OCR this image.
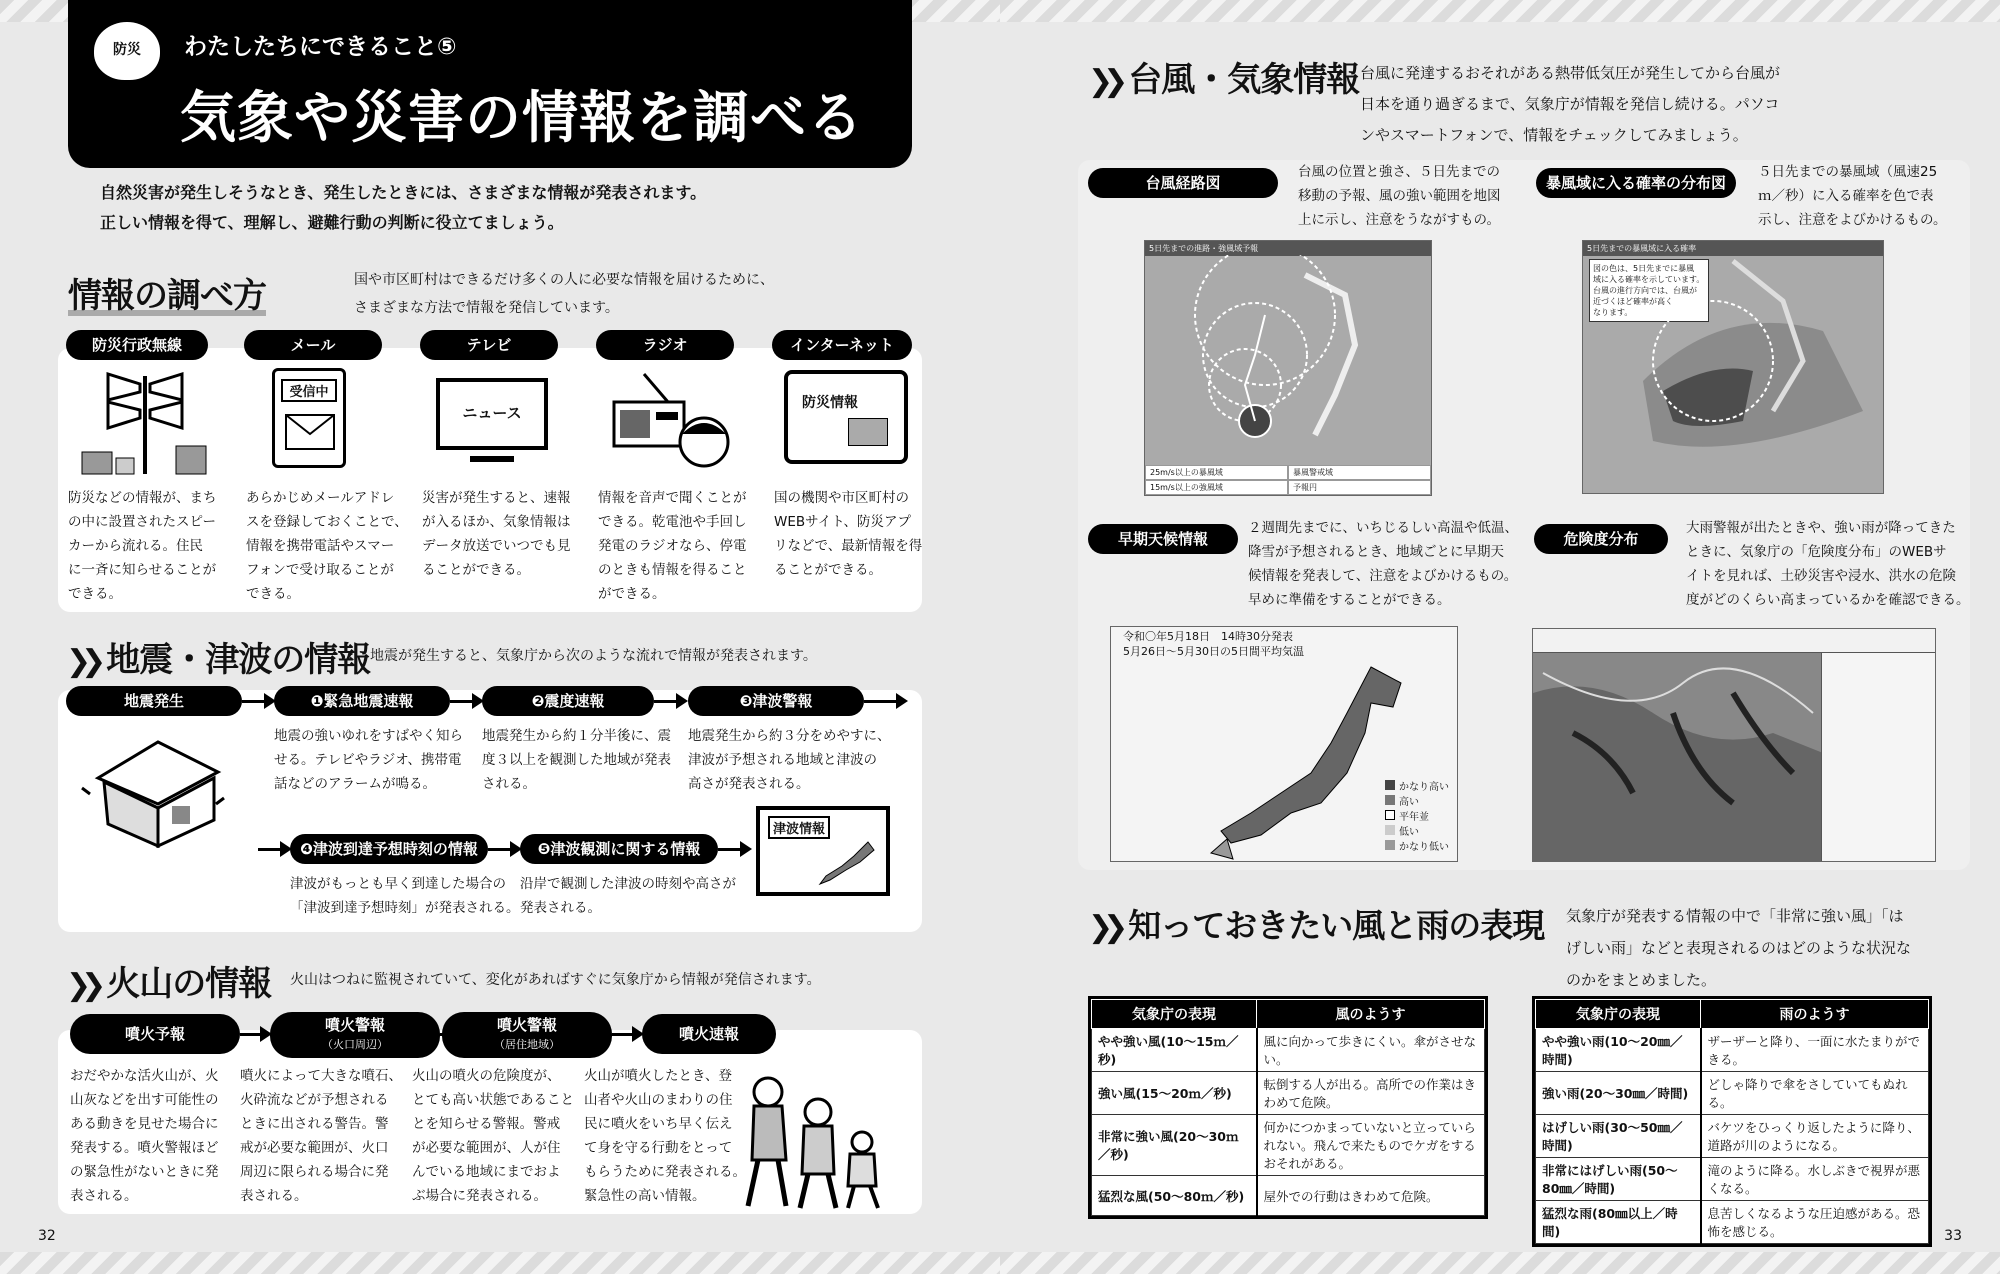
防災	わたしたちにできること⑤
気象や災害の情報を調べる
自然災害が発生しそうなとき、発生したときには、さまざまな情報が発表されます。
正しい情報を得て、理解し、避難行動の判断に役立てましょう。
情報の調べ方	国や市区町村はできるだけ多くの人に必要な情報を届けるために、
さまざまな方法で情報を発信しています。
防災行政無線	メール	テレビ	ラジオ	インターネット
受信中
ニュース
防災情報
防災などの情報が、まち
の中に設置されたスピー
カーから流れる。住民
に一斉に知らせることが
できる。
あらかじめメールアドレ
スを登録しておくことで、
情報を携帯電話やスマー
フォンで受け取ることが
できる。
災害が発生すると、速報
が入るほか、気象情報は
データ放送でいつでも見
ることができる。
情報を音声で聞くことが
できる。乾電池や手回し
発電のラジオなら、停電
のときも情報を得ること
ができる。
国の機関や市区町村の
WEBサイト、防災アプ
リなどで、最新情報を得
ることができる。
❯❯ 地震・津波の情報 地震が発生すると、気象庁から次のような流れで情報が発表されます。
地震発生	❶緊急地震速報	❷震度速報	❸津波警報
地震の強いゆれをすばやく知ら
せる。テレビやラジオ、携帯電
話などのアラームが鳴る。
地震発生から約１分半後に、震
度３以上を観測した地域が発表
される。
地震発生から約３分をめやすに、
津波が予想される地域と津波の
高さが発表される。
❹津波到達予想時刻の情報	❺津波観測に関する情報
津波がもっとも早く到達した場合の
「津波到達予想時刻」が発表される。
沿岸で観測した津波の時刻や高さが
発表される。
津波情報
❯❯ 火山の情報 火山はつねに監視されていて、変化があればすぐに気象庁から情報が発信されます。
噴火予報	噴火警報
（火口周辺）
噴火警報
（居住地域）
噴火速報
おだやかな活火山が、火
山灰などを出す可能性の
ある動きを見せた場合に
発表する。噴火警報ほど
の緊急性がないときに発
表される。
噴火によって大きな噴石、
火砕流などが予想される
ときに出される警告。警
戒が必要な範囲が、火口
周辺に限られる場合に発
表される。
火山の噴火の危険度が、
とても高い状態であること
とを知らせる警報。警戒
が必要な範囲が、人が住
んでいる地域にまでおよ
ぶ場合に発表される。
火山が噴火したとき、登
山者や火山のまわりの住
民に噴火をいち早く伝え
て身を守る行動をとって
もらうために発表される。
緊急性の高い情報。
32
❯❯ 台風・気象情報 台風に発達するおそれがある熱帯低気圧が発生してから台風が
日本を通り過ぎるまで、気象庁が情報を発信し続ける。パソコ
ンやスマートフォンで、情報をチェックしてみましょう。
台風経路図
台風の位置と強さ、５日先までの
移動の予報、風の強い範囲を地図
上に示し、注意をうながすもの。
5日先までの進路・強風域予報
25m/s以上の暴風域	暴風警戒域
15m/s以上の強風域	予報円
暴風域に入る確率の分布図
５日先までの暴風域（風速25
ｍ／秒）に入る確率を色で表
示し、注意をよびかけるもの。
5日先までの暴風域に入る確率
図の色は、5日先までに暴風
域に入る確率を示しています。
台風の進行方向では、台風が
近づくほど確率が高く
なります。
早期天候情報
２週間先までに、いちじるしい高温や低温、
降雪が予想されるとき、地域ごとに早期天
候情報を発表して、注意をよびかけるもの。
早めに準備をすることができる。
令和〇年5月18日　14時30分発表
5月26日〜5月30日の5日間平均気温
かなり高い
高い
平年並
低い
かなり低い
危険度分布
大雨警報が出たときや、強い雨が降ってきた
ときに、気象庁の「危険度分布」のWEBサ
イトを見れば、土砂災害や浸水、洪水の危険
度がどのくらい高まっているかを確認できる。
❯❯ 知っておきたい風と雨の表現 気象庁が発表する情報の中で「非常に強い風」「は
げしい雨」などと表現されるのはどのような状況な
のかをまとめました。
気象庁の表現	風のようす
やや強い風(10〜15ｍ／秒)	風に向かって歩きにくい。傘がさせない。
強い風(15〜20ｍ／秒)	転倒する人が出る。高所での作業はきわめて危険。
非常に強い風(20〜30ｍ／秒)	何かにつかまっていないと立っていられない。飛んで来たものでケガをするおそれがある。
猛烈な風(50〜80ｍ／秒)	屋外での行動はきわめて危険。
気象庁の表現	雨のようす
やや強い雨(10〜20㎜／時間)	ザーザーと降り、一面に水たまりができる。
強い雨(20〜30㎜／時間)	どしゃ降りで傘をさしていてもぬれる。
はげしい雨(30〜50㎜／時間)	バケツをひっくり返したように降り、道路が川のようになる。
非常にはげしい雨(50〜80㎜／時間)	滝のように降る。水しぶきで視界が悪くなる。
猛烈な雨(80㎜以上／時間)	息苦しくなるような圧迫感がある。恐怖を感じる。	33
